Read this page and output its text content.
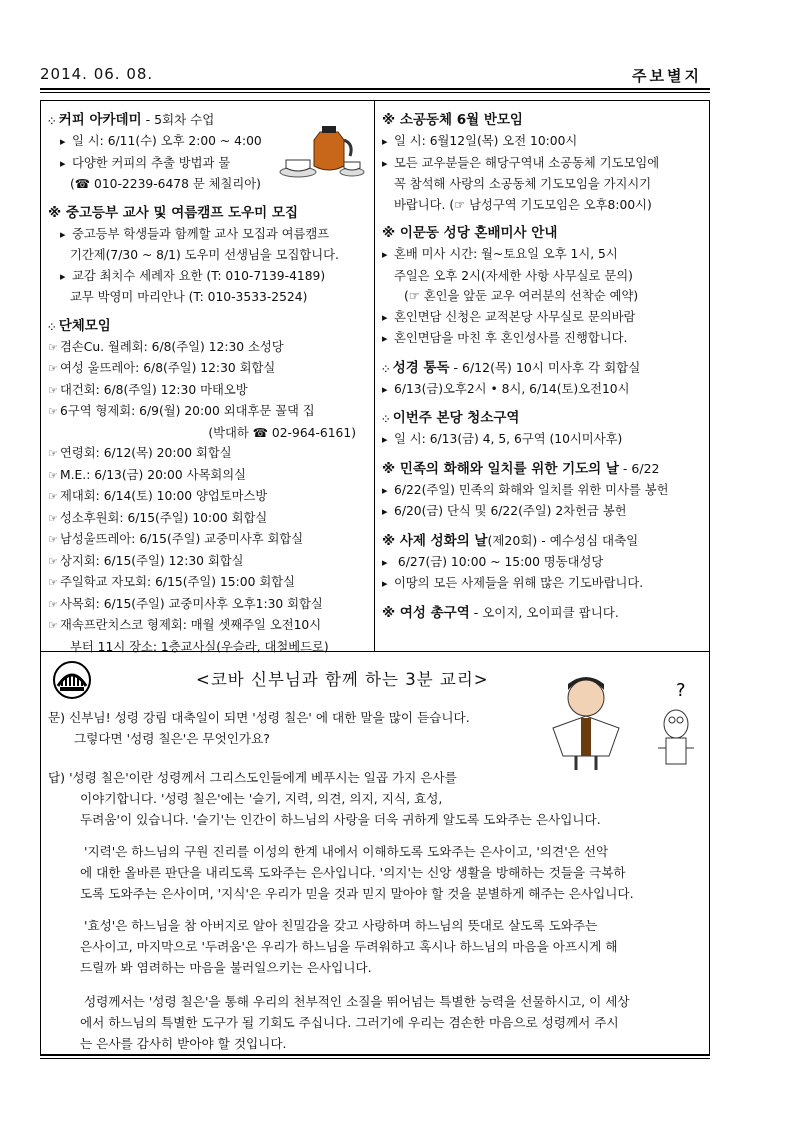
2014. 06. 08.	주보별지
⁘ 커피 아카데미 - 5회차 수업
▸ 일 시: 6/11(수) 오후 2:00 ~ 4:00
▸ 다양한 커피의 추출 방법과 물
(☎ 010-2239-6478 문 체칠리아)
※ 중고등부 교사 및 여름캠프 도우미 모집
▸ 중고등부 학생들과 함께할 교사 모집과 여름캠프
기간제(7/30 ~ 8/1) 도우미 선생님을 모집합니다.
▸ 교감 최치수 세례자 요한 (T: 010-7139-4189)
교무 박영미 마리안나 (T: 010-3533-2524)
⁘ 단체모임
☞ 겸손Cu. 월례회: 6/8(주일) 12:30 소성당
☞ 여성 울뜨레아: 6/8(주일) 12:30 회합실
☞ 대건회: 6/8(주일) 12:30 마태오방
☞ 6구역 형제회: 6/9(월) 20:00 외대후문 꼴댁 집
(박대하 ☎ 02-964-6161)
☞ 연령회: 6/12(목) 20:00 회합실
☞ M.E.: 6/13(금) 20:00 사목회의실
☞ 제대회: 6/14(토) 10:00 양업토마스방
☞ 성소후원회: 6/15(주일) 10:00 회합실
☞ 남성울뜨레아: 6/15(주일) 교중미사후 회합실
☞ 상지회: 6/15(주일) 12:30 회합실
☞ 주일학교 자모회: 6/15(주일) 15:00 회합실
☞ 사목회: 6/15(주일) 교중미사후 오후1:30 회합실
☞ 재속프란치스코 형제회: 매월 셋째주일 오전10시
부터 11시 장소: 1층교사실(우슬라, 대철베드로)
※ 소공동체 6월 반모임
▸ 일 시: 6월12일(목) 오전 10:00시
▸ 모든 교우분들은 해당구역내 소공동체 기도모임에
꼭 참석해 사랑의 소공동체 기도모임을 가지시기
바랍니다. (☞ 남성구역 기도모임은 오후8:00시)
※ 이문동 성당 혼배미사 안내
▸ 혼배 미사 시간: 월~토요일 오후 1시, 5시
주일은 오후 2시(자세한 사항 사무실로 문의)
(☞ 혼인을 앞둔 교우 여러분의 선착순 예약)
▸ 혼인면담 신청은 교적본당 사무실로 문의바람
▸ 혼인면담을 마친 후 혼인성사를 진행합니다.
⁘ 성경 통독 - 6/12(목) 10시 미사후 각 회합실
▸ 6/13(금)오후2시 • 8시, 6/14(토)오전10시
⁘ 이번주 본당 청소구역
▸ 일 시: 6/13(금) 4, 5, 6구역 (10시미사후)
※ 민족의 화해와 일치를 위한 기도의 날 - 6/22
▸ 6/22(주일) 민족의 화해와 일치를 위한 미사를 봉헌
▸ 6/20(금) 단식 및 6/22(주일) 2차헌금 봉헌
※ 사제 성화의 날(제20회) - 예수성심 대축일
▸ 6/27(금) 10:00 ~ 15:00 명동대성당
▸ 이땅의 모든 사제들을 위해 많은 기도바랍니다.
※ 여성 총구역 - 오이지, 오이피클 팝니다.
<코바 신부님과 함께 하는 3분 교리>
?
문) 신부님! 성령 강림 대축일이 되면 '성령 칠은' 에 대한 말을 많이 듣습니다.
그렇다면 '성령 칠은'은 무엇인가요?
답) '성령 칠은'이란 성령께서 그리스도인들에게 베푸시는 일곱 가지 은사를
이야기합니다. '성령 칠은'에는 '슬기, 지력, 의견, 의지, 지식, 효성,
두려움'이 있습니다. '슬기'는 인간이 하느님의 사랑을 더욱 귀하게 알도록 도와주는 은사입니다.
'지력'은 하느님의 구원 진리를 이성의 한계 내에서 이해하도록 도와주는 은사이고, '의견'은 선악
에 대한 올바른 판단을 내리도록 도와주는 은사입니다. '의지'는 신앙 생활을 방해하는 것들을 극복하
도록 도와주는 은사이며, '지식'은 우리가 믿을 것과 믿지 말아야 할 것을 분별하게 해주는 은사입니다.
'효성'은 하느님을 참 아버지로 알아 친밀감을 갖고 사랑하며 하느님의 뜻대로 살도록 도와주는
은사이고, 마지막으로 '두려움'은 우리가 하느님을 두려워하고 혹시나 하느님의 마음을 아프시게 해
드릴까 봐 염려하는 마음을 불러일으키는 은사입니다.
성령께서는 '성령 칠은'을 통해 우리의 천부적인 소질을 뛰어넘는 특별한 능력을 선물하시고, 이 세상
에서 하느님의 특별한 도구가 될 기회도 주십니다. 그러기에 우리는 겸손한 마음으로 성령께서 주시
는 은사를 감사히 받아야 할 것입니다.
